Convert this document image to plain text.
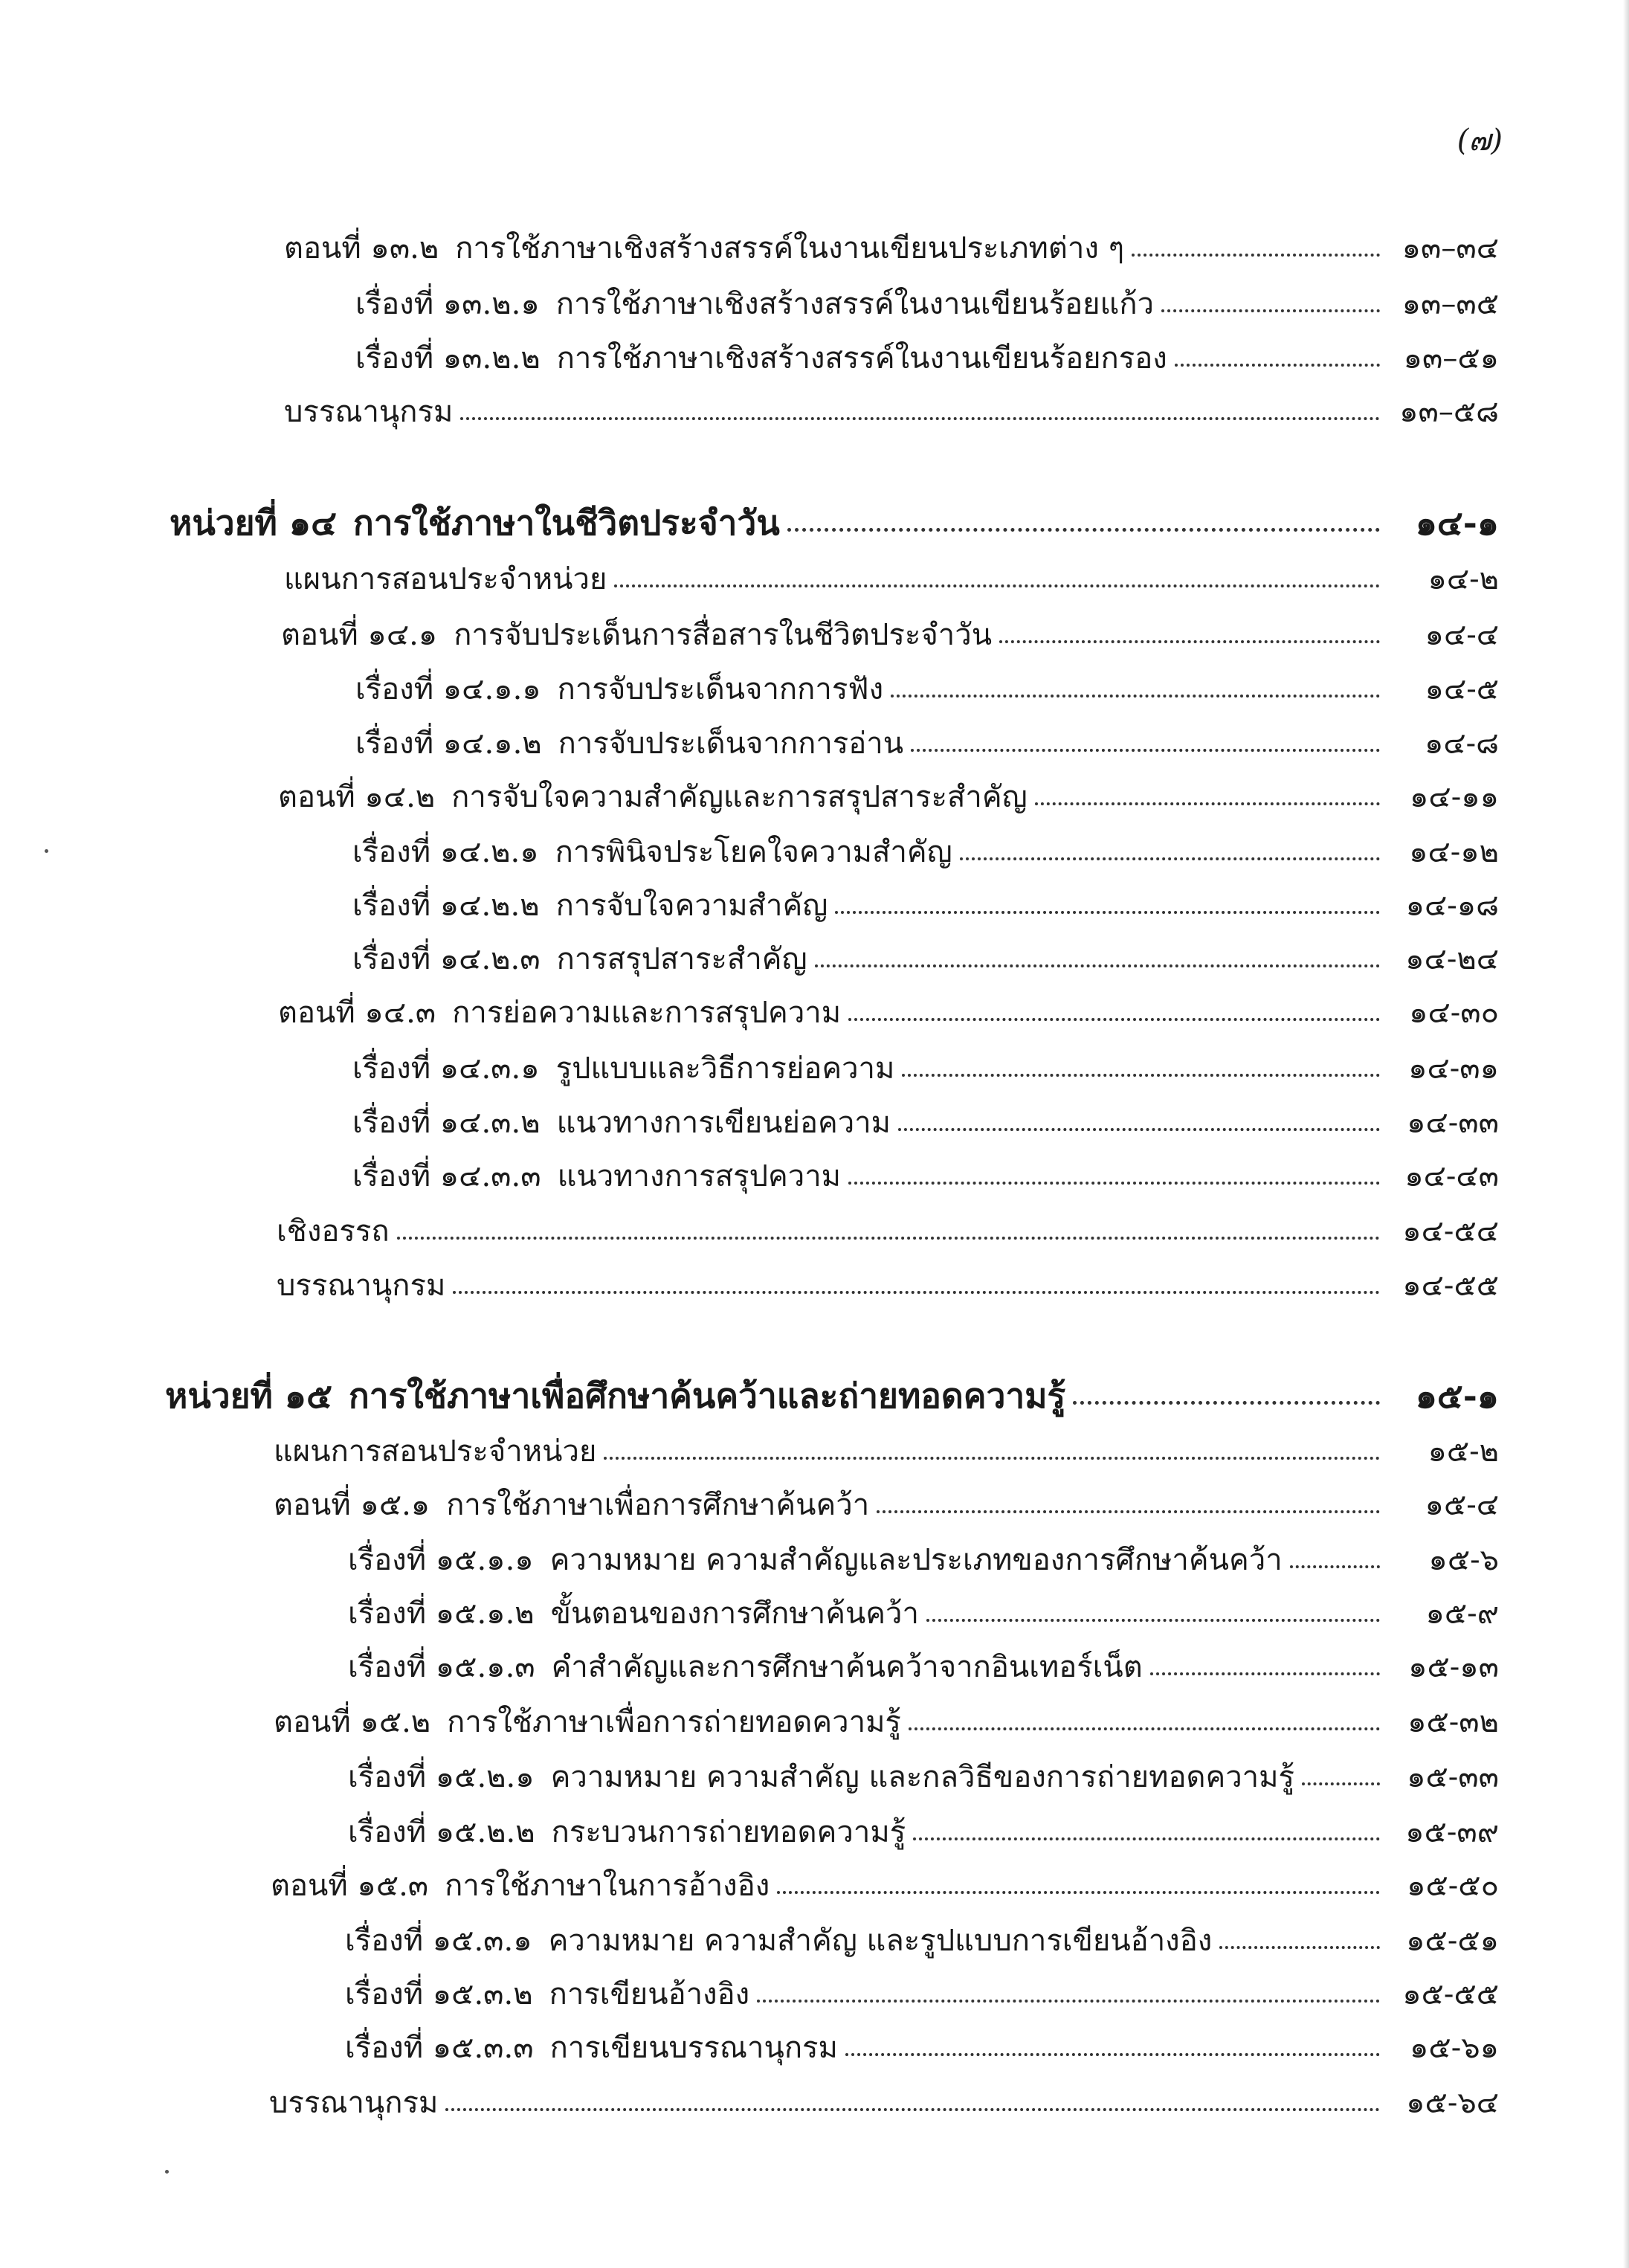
(๗)
ตอนที่ ๑๓.๒ การใช้ภาษาเชิงสร้างสรรค์ในงานเขียนประเภทต่าง ๆ	๑๓–๓๔
เรื่องที่ ๑๓.๒.๑ การใช้ภาษาเชิงสร้างสรรค์ในงานเขียนร้อยแก้ว	๑๓–๓๕
เรื่องที่ ๑๓.๒.๒ การใช้ภาษาเชิงสร้างสรรค์ในงานเขียนร้อยกรอง	๑๓–๕๑
บรรณานุกรม	๑๓–๕๘
หน่วยที่ ๑๔ การใช้ภาษาในชีวิตประจำวัน	๑๔-๑
แผนการสอนประจำหน่วย	๑๔-๒
ตอนที่ ๑๔.๑ การจับประเด็นการสื่อสารในชีวิตประจำวัน	๑๔-๔
เรื่องที่ ๑๔.๑.๑ การจับประเด็นจากการฟัง	๑๔-๕
เรื่องที่ ๑๔.๑.๒ การจับประเด็นจากการอ่าน	๑๔-๘
ตอนที่ ๑๔.๒ การจับใจความสำคัญและการสรุปสาระสำคัญ	๑๔-๑๑
เรื่องที่ ๑๔.๒.๑ การพินิจประโยคใจความสำคัญ	๑๔-๑๒
เรื่องที่ ๑๔.๒.๒ การจับใจความสำคัญ	๑๔-๑๘
เรื่องที่ ๑๔.๒.๓ การสรุปสาระสำคัญ	๑๔-๒๔
ตอนที่ ๑๔.๓ การย่อความและการสรุปความ	๑๔-๓๐
เรื่องที่ ๑๔.๓.๑ รูปแบบและวิธีการย่อความ	๑๔-๓๑
เรื่องที่ ๑๔.๓.๒ แนวทางการเขียนย่อความ	๑๔-๓๓
เรื่องที่ ๑๔.๓.๓ แนวทางการสรุปความ	๑๔-๔๓
เชิงอรรถ	๑๔-๕๔
บรรณานุกรม	๑๔-๕๕
หน่วยที่ ๑๕ การใช้ภาษาเพื่อศึกษาค้นคว้าและถ่ายทอดความรู้	๑๕-๑
แผนการสอนประจำหน่วย	๑๕-๒
ตอนที่ ๑๕.๑ การใช้ภาษาเพื่อการศึกษาค้นคว้า	๑๕-๔
เรื่องที่ ๑๕.๑.๑ ความหมาย ความสำคัญและประเภทของการศึกษาค้นคว้า	๑๕-๖
เรื่องที่ ๑๕.๑.๒ ขั้นตอนของการศึกษาค้นคว้า	๑๕-๙
เรื่องที่ ๑๕.๑.๓ คำสำคัญและการศึกษาค้นคว้าจากอินเทอร์เน็ต	๑๕-๑๓
ตอนที่ ๑๕.๒ การใช้ภาษาเพื่อการถ่ายทอดความรู้	๑๕-๓๒
เรื่องที่ ๑๕.๒.๑ ความหมาย ความสำคัญ และกลวิธีของการถ่ายทอดความรู้	๑๕-๓๓
เรื่องที่ ๑๕.๒.๒ กระบวนการถ่ายทอดความรู้	๑๕-๓๙
ตอนที่ ๑๕.๓ การใช้ภาษาในการอ้างอิง	๑๕-๕๐
เรื่องที่ ๑๕.๓.๑ ความหมาย ความสำคัญ และรูปแบบการเขียนอ้างอิง	๑๕-๕๑
เรื่องที่ ๑๕.๓.๒ การเขียนอ้างอิง	๑๕-๕๕
เรื่องที่ ๑๕.๓.๓ การเขียนบรรณานุกรม	๑๕-๖๑
บรรณานุกรม	๑๕-๖๔
